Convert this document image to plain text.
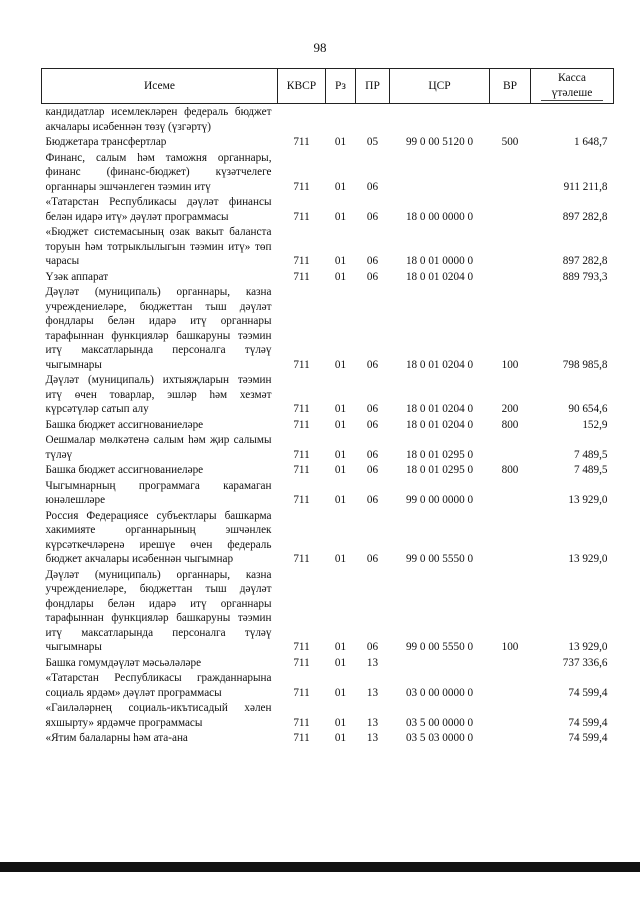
98
Исеме	КВСР	Рз	ПР	ЦСР	ВР	Касса
үтәлеше

кандидатлар исемлекләрен федераль бюджет акчалары исәбеннән төзү (үзгәртү)						
Бюджетара трансфертлар	711	01	05	99 0 00 5120 0	500	1 648,7
Финанс, салым һәм таможня органнары, финанс (финанс-бюджет) күзәтчелеге органнары эшчәнлеген тәэмин итү	711	01	06			911 211,8
«Татарстан Республикасы дәүләт финансы белән идарә итү» дәүләт программасы	711	01	06	18 0 00 0000 0		897 282,8
«Бюджет системасының озак вакыт баланста торуын һәм тотрыклылыгын тәэмин итү» төп чарасы	711	01	06	18 0 01 0000 0		897 282,8
Үзәк аппарат	711	01	06	18 0 01 0204 0		889 793,3
Дәүләт (муниципаль) органнары, казна учреждениеләре, бюджеттан тыш дәүләт фондлары белән идарә итү органнары тарафыннан функцияләр башкаруны тәэмин итү максатларында персоналга түләү чыгымнары	711	01	06	18 0 01 0204 0	100	798 985,8
Дәүләт (муниципаль) ихтыяҗларын тәэмин итү өчен товарлар, эшләр һәм хезмәт күрсәтүләр сатып алу	711	01	06	18 0 01 0204 0	200	90 654,6
Башка бюджет ассигнованиеләре	711	01	06	18 0 01 0204 0	800	152,9
Оешмалар мөлкәтенә салым һәм җир салымы түләү	711	01	06	18 0 01 0295 0		7 489,5
Башка бюджет ассигнованиеләре	711	01	06	18 0 01 0295 0	800	7 489,5
Чыгымнарның программага карамаган юнәлешләре	711	01	06	99 0 00 0000 0		13 929,0
Россия Федерациясе субъектлары башкарма хакимияте органнарының эшчәнлек күрсәткечләренә ирешүе өчен федераль бюджет акчалары исәбеннән чыгымнар	711	01	06	99 0 00 5550 0		13 929,0
Дәүләт (муниципаль) органнары, казна учреждениеләре, бюджеттан тыш дәүләт фондлары белән идарә итү органнары тарафыннан функцияләр башкаруны тәэмин итү максатларында персоналга түләү чыгымнары	711	01	06	99 0 00 5550 0	100	13 929,0
Башка гомумдәүләт мәсьәләләре	711	01	13			737 336,6
«Татарстан Республикасы гражданнарына социаль ярдәм» дәүләт программасы	711	01	13	03 0 00 0000 0		74 599,4
«Гаиләләрнең социаль-икътисадый хәлен яхшырту» ярдәмче программасы	711	01	13	03 5 00 0000 0		74 599,4
«Ятим балаларны һәм ата-ана	711	01	13	03 5 03 0000 0		74 599,4
